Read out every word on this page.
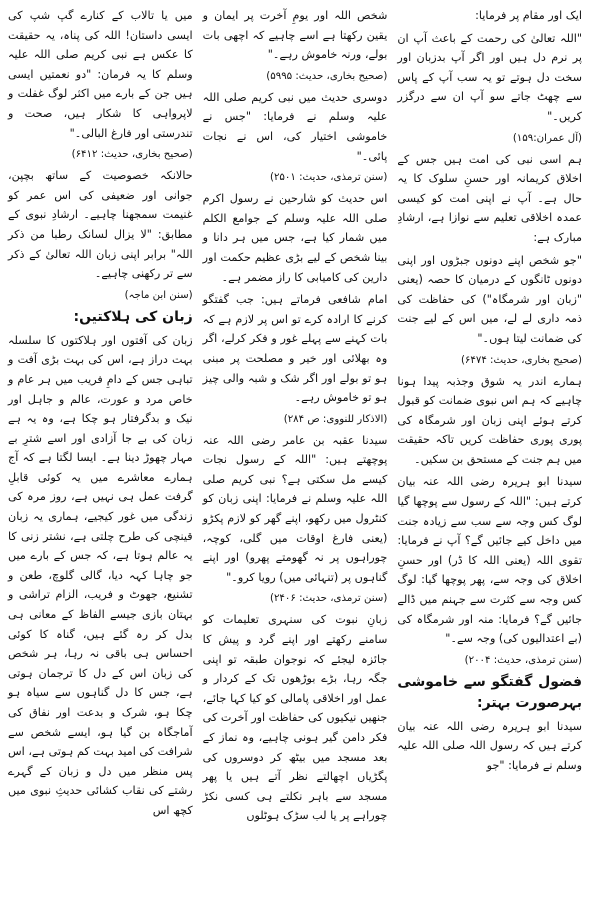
ایک اور مقام پر فرمایا:

"اللہ تعالیٰ کی رحمت کے باعث آپ ان پر نرم دل ہیں اور اگر آپ بدزبان اور سخت دل ہوتے تو یہ سب آپ کے پاس سے چھٹ جاتے سو آپ ان سے درگزر کریں۔"

(آل عمران:۱۵۹)

ہم اسی نبی کی امت ہیں جس کے اخلاق کریمانہ اور حسنِ سلوک کا یہ حال ہے۔ آپ نے اپنی امت کو کیسی عمدہ اخلاقی تعلیم سے نوازا ہے، ارشادِ مبارک ہے:

"جو شخص اپنے دونوں جبڑوں اور اپنی دونوں ٹانگوں کے درمیان کا حصہ (یعنی "زبان اور شرمگاہ") کی حفاظت کی ذمہ داری لے لے، میں اس کے لیے جنت کی ضمانت لیتا ہوں۔"

(صحیح بخاری، حدیث: ۶۴۷۴)

ہمارے اندر یہ شوق وجذبہ پیدا ہونا چاہیے کہ ہم اس نبوی ضمانت کو قبول کرتے ہوئے اپنی زبان اور شرمگاہ کی پوری پوری حفاظت کریں تاکہ حقیقت میں ہم جنت کے مستحق بن سکیں۔

سیدنا ابو ہریرہ رضی اللہ عنہ بیان کرتے ہیں: "اللہ کے رسول سے پوچھا گیا لوگ کس وجہ سے سب سے زیادہ جنت میں داخل کیے جائیں گے؟ آپ نے فرمایا: تقوی اللہ (یعنی اللہ کا ڈر) اور حسنِ اخلاق کی وجہ سے، پھر پوچھا گیا: لوگ کس وجہ سے کثرت سے جہنم میں ڈالے جائیں گے؟ فرمایا: منہ اور شرمگاہ کی (بے اعتدالیوں کی) وجہ سے۔"

(سنن ترمذی، حدیث: ۲۰۰۴)

فضول گفتگو سے خاموشی بہرصورت بہتر:

سیدنا ابو ہریرہ رضی اللہ عنہ بیان کرتے ہیں کہ رسول اللہ صلی اللہ علیہ وسلم نے فرمایا: "جو

شخص اللہ اور یومِ آخرت پر ایمان و یقین رکھتا ہے اسے چاہیے کہ اچھی بات بولے، ورنہ خاموش رہے۔"

(صحیح بخاری، حدیث: ۵۹۹۵)

دوسری حدیث میں نبی کریم صلی اللہ علیہ وسلم نے فرمایا: "جس نے خاموشی اختیار کی، اس نے نجات پائی۔"

(سنن ترمذی، حدیث: ۲۵۰۱)

اس حدیث کو شارحین نے رسول اکرم صلی اللہ علیہ وسلم کے جوامع الکلم میں شمار کیا ہے، جس میں ہر دانا و بینا شخص کے لیے بڑی عظیم حکمت اور دارین کی کامیابی کا راز مضمر ہے۔

امام شافعی فرماتے ہیں: جب گفتگو کرنے کا ارادہ کرے تو اس پر لازم ہے کہ بات کہنے سے پہلے غور و فکر کرلے، اگر وہ بھلائی اور خیر و مصلحت پر مبنی ہو تو بولے اور اگر شک و شبہ والی چیز ہو تو خاموش رہے۔

(الاذکار للنووی: ص ۲۸۴)

سیدنا عقبہ بن عامر رضی اللہ عنہ پوچھتے ہیں: "اللہ کے رسول نجات کیسے مل سکتی ہے؟ نبی کریم صلی اللہ علیہ وسلم نے فرمایا: اپنی زبان کو کنٹرول میں رکھو، اپنے گھر کو لازم پکڑو (یعنی فارغ اوقات میں گلی، کوچہ، چوراہوں پر نہ گھومتے پھرو) اور اپنے گناہوں پر (تنہائی میں) رویا کرو۔"

(سنن ترمذی، حدیث: ۲۴۰۶)

زبانِ نبوت کی سنہری تعلیمات کو سامنے رکھتے اور اپنے گرد و پیش کا جائزہ لیجئے کہ نوجوان طبقہ تو اپنی جگہ رہا، بڑے بوڑھوں تک کے کردار و عمل اور اخلاقی پامالی کو کیا کہا جائے، جنھیں نیکیوں کی حفاظت اور آخرت کی فکر دامن گیر ہونی چاہیے، وہ نماز کے بعد مسجد میں بیٹھ کر دوسروں کی پگڑیاں اچھالتے نظر آتے ہیں یا پھر مسجد سے باہر نکلتے ہی کسی نکڑ چوراہے پر یا لب سڑک ہوٹلوں

میں یا تالاب کے کنارے گپ شپ کی ایسی داستان! اللہ کی پناہ، یہ حقیقت کا عکس ہے نبی کریم صلی اللہ علیہ وسلم کا یہ فرمان: "دو نعمتیں ایسی ہیں جن کے بارے میں اکثر لوگ غفلت و لاپرواہی کا شکار ہیں، صحت و تندرستی اور فارغ البالی۔"

(صحیح بخاری، حدیث: ۶۴۱۲)

حالانکہ خصوصیت کے ساتھ بچپن، جوانی اور ضعیفی کی اس عمر کو غنیمت سمجھنا چاہیے۔ ارشادِ نبوی کے مطابق: "لا یزال لسانک رطبا من ذکر اللہ" برابر اپنی زبان اللہ تعالیٰ کے ذکر سے تر رکھنی چاہیے۔

(سنن ابن ماجہ)

زبان کی ہلاکتیں:

زبان کی آفتوں اور ہلاکتوں کا سلسلہ بہت دراز ہے، اس کی بہت بڑی آفت و تباہی جس کے دامِ فریب میں ہر عام و خاص مرد و عورت، عالم و جاہل اور نیک و بدگرفتار ہو چکا ہے، وہ یہ ہے زبان کی بے جا آزادی اور اسے شترِ بے مہار چھوڑ دینا ہے۔ ایسا لگتا ہے کہ آج ہمارے معاشرے میں یہ کوئی قابلِ گرفت عمل ہی نہیں ہے، روز مرہ کی زندگی میں غور کیجیے، ہماری یہ زبان قینچی کی طرح چلتی ہے، نشتر زنی کا یہ عالم ہوتا ہے، کہ جس کے بارے میں جو چاہا کہہ دیا، گالی گلوچ، طعن و تشنیع، جھوٹ و فریب، الزام تراشی و بہتان بازی جیسے الفاظ کے معانی ہی بدل کر رہ گئے ہیں، گناہ کا کوئی احساس ہی باقی نہ رہا، ہر شخص کی زبان اس کے دل کا ترجمان ہوتی ہے، جس کا دل گناہوں سے سیاہ ہو چکا ہو، شرک و بدعت اور نفاق کی آماجگاہ بن گیا ہو، ایسے شخص سے شرافت کی امید بہت کم ہوتی ہے، اس پس منظر میں دل و زبان کے گہرے رشتے کی نقاب کشائی حدیثِ نبوی میں کچھ اس
